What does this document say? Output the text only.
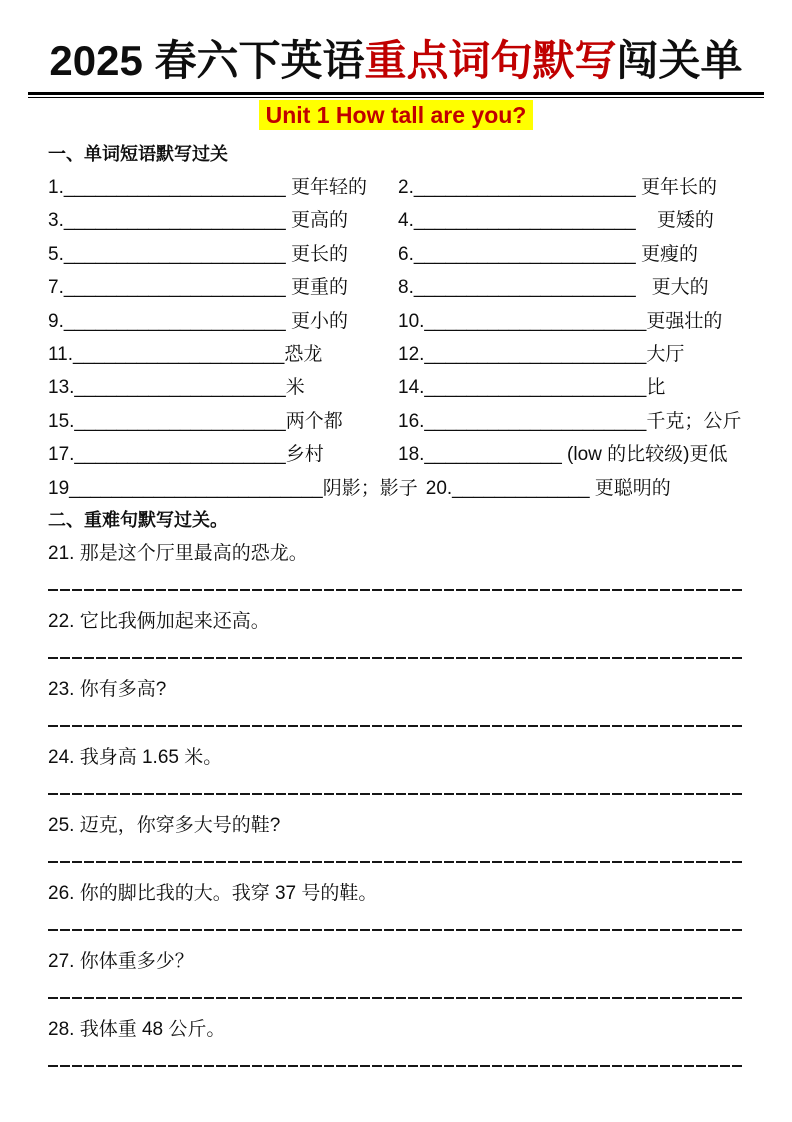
2025 春六下英语重点词句默写闯关单
Unit 1 How tall are you?
一、单词短语默写过关
1._____________________ 更年轻的	2._____________________ 更年长的
3._____________________ 更高的	4._____________________    更矮的
5._____________________ 更长的	6._____________________ 更瘦的
7._____________________ 更重的	8._____________________   更大的
9._____________________ 更小的	10._____________________更强壮的
11.____________________恐龙	12._____________________大厅
13.____________________米	14._____________________比
15.____________________两个都	16._____________________千克；公斤
17.____________________乡村	18._____________ (low 的比较级)更低
19________________________阴影；影子 20._____________ 更聪明的
二、重难句默写过关。
21. 那是这个厅里最高的恐龙。
22. 它比我俩加起来还高。
23. 你有多高?
24. 我身高 1.65 米。
25. 迈克，你穿多大号的鞋?
26. 你的脚比我的大。我穿 37 号的鞋。
27. 你体重多少？
28. 我体重 48 公斤。
